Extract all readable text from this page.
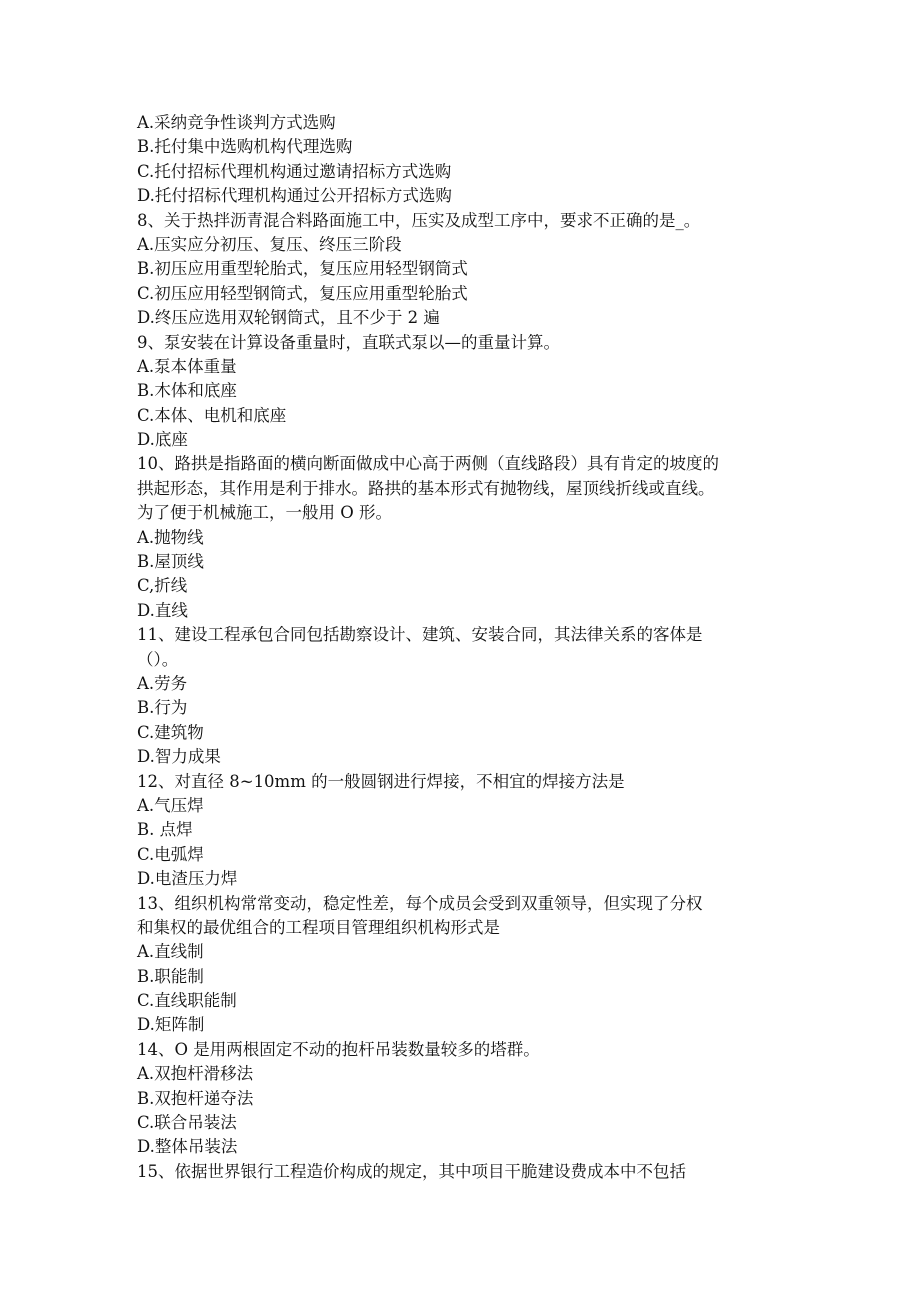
A.采纳竞争性谈判方式选购
B.托付集中选购机构代理选购
C.托付招标代理机构通过邀请招标方式选购
D.托付招标代理机构通过公开招标方式选购
8、关于热拌沥青混合料路面施工中，压实及成型工序中，要求不正确的是_。
A.压实应分初压、复压、终压三阶段
B.初压应用重型轮胎式，复压应用轻型钢筒式
C.初压应用轻型钢筒式，复压应用重型轮胎式
D.终压应选用双轮钢筒式，且不少于 2 遍
9、泵安装在计算设备重量时，直联式泵以—的重量计算。
A.泵本体重量
B.木体和底座
C.本体、电机和底座
D.底座
10、路拱是指路面的横向断面做成中心高于两侧（直线路段）具有肯定的坡度的
拱起形态，其作用是利于排水。路拱的基本形式有抛物线，屋顶线折线或直线。
为了便于机械施工，一般用 O 形。
A.抛物线
B.屋顶线
C,折线
D.直线
11、建设工程承包合同包括勘察设计、建筑、安装合同，其法律关系的客体是
（）。
A.劳务
B.行为
C.建筑物
D.智力成果
12、对直径 8~10mm 的一般圆钢进行焊接，不相宜的焊接方法是
A.气压焊
B. 点焊
C.电弧焊
D.电渣压力焊
13、组织机构常常变动，稳定性差，每个成员会受到双重领导，但实现了分权
和集权的最优组合的工程项目管理组织机构形式是
A.直线制
B.职能制
C.直线职能制
D.矩阵制
14、O 是用两根固定不动的抱杆吊装数量较多的塔群。
A.双抱杆滑移法
B.双抱杆递夺法
C.联合吊装法
D.整体吊装法
15、依据世界银行工程造价构成的规定，其中项目干脆建设费成本中不包括
